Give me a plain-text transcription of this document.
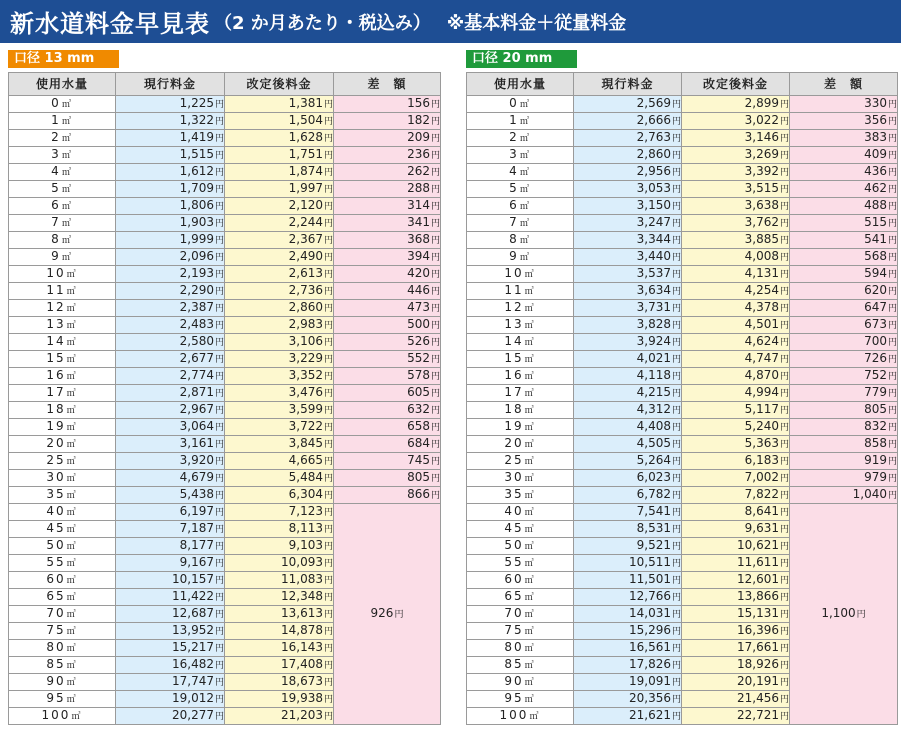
新水道料金早見表 （2 か月あたり・税込み） ※基本料金＋従量料金
口径 13 mm	口径 20 mm
使用水量	現行料金	改定後料金	差　額
0㎥	1,225円	1,381円	156円
1㎥	1,322円	1,504円	182円
2㎥	1,419円	1,628円	209円
3㎥	1,515円	1,751円	236円
4㎥	1,612円	1,874円	262円
5㎥	1,709円	1,997円	288円
6㎥	1,806円	2,120円	314円
7㎥	1,903円	2,244円	341円
8㎥	1,999円	2,367円	368円
9㎥	2,096円	2,490円	394円
10㎥	2,193円	2,613円	420円
11㎥	2,290円	2,736円	446円
12㎥	2,387円	2,860円	473円
13㎥	2,483円	2,983円	500円
14㎥	2,580円	3,106円	526円
15㎥	2,677円	3,229円	552円
16㎥	2,774円	3,352円	578円
17㎥	2,871円	3,476円	605円
18㎥	2,967円	3,599円	632円
19㎥	3,064円	3,722円	658円
20㎥	3,161円	3,845円	684円
25㎥	3,920円	4,665円	745円
30㎥	4,679円	5,484円	805円
35㎥	5,438円	6,304円	866円
40㎥	6,197円	7,123円	926円
45㎥	7,187円	8,113円	
50㎥	8,177円	9,103円	
55㎥	9,167円	10,093円	
60㎥	10,157円	11,083円	
65㎥	11,422円	12,348円	
70㎥	12,687円	13,613円	
75㎥	13,952円	14,878円	
80㎥	15,217円	16,143円	
85㎥	16,482円	17,408円	
90㎥	17,747円	18,673円	
95㎥	19,012円	19,938円	
100㎥	20,277円	21,203円	
使用水量	現行料金	改定後料金	差　額
0㎥	2,569円	2,899円	330円
1㎥	2,666円	3,022円	356円
2㎥	2,763円	3,146円	383円
3㎥	2,860円	3,269円	409円
4㎥	2,956円	3,392円	436円
5㎥	3,053円	3,515円	462円
6㎥	3,150円	3,638円	488円
7㎥	3,247円	3,762円	515円
8㎥	3,344円	3,885円	541円
9㎥	3,440円	4,008円	568円
10㎥	3,537円	4,131円	594円
11㎥	3,634円	4,254円	620円
12㎥	3,731円	4,378円	647円
13㎥	3,828円	4,501円	673円
14㎥	3,924円	4,624円	700円
15㎥	4,021円	4,747円	726円
16㎥	4,118円	4,870円	752円
17㎥	4,215円	4,994円	779円
18㎥	4,312円	5,117円	805円
19㎥	4,408円	5,240円	832円
20㎥	4,505円	5,363円	858円
25㎥	5,264円	6,183円	919円
30㎥	6,023円	7,002円	979円
35㎥	6,782円	7,822円	1,040円
40㎥	7,541円	8,641円	1,100円
45㎥	8,531円	9,631円	
50㎥	9,521円	10,621円	
55㎥	10,511円	11,611円	
60㎥	11,501円	12,601円	
65㎥	12,766円	13,866円	
70㎥	14,031円	15,131円	
75㎥	15,296円	16,396円	
80㎥	16,561円	17,661円	
85㎥	17,826円	18,926円	
90㎥	19,091円	20,191円	
95㎥	20,356円	21,456円	
100㎥	21,621円	22,721円	
